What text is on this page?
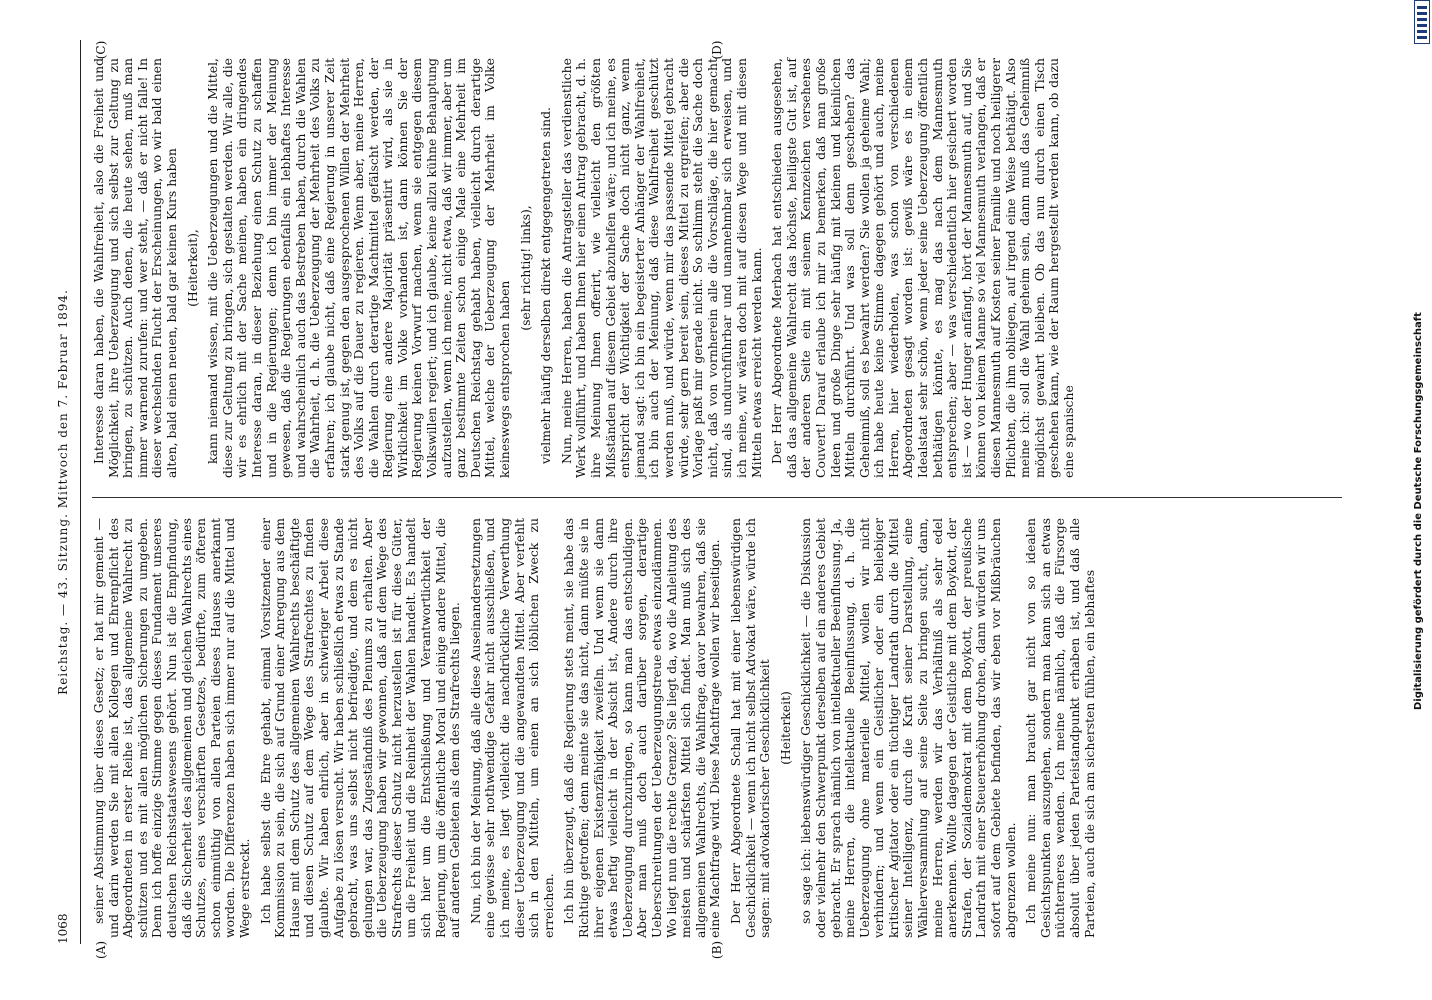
1068
Reichstag. — 43. Sitzung. Mittwoch den 7. Februar 1894.
(A)	(B)
(C)	(D)

seiner Abstimmung über dieses Gesetz; er hat mir gemeint — und darin werden Sie mit allen Kollegen und Ehrenpflicht des Abgeordneten in erster Reihe ist, das allgemeine Wahlrecht zu schützen und es mit allen möglichen Sicherungen zu umgeben. Denn ich hoffe einzige Stimme gegen dieses Fundament unseres deutschen Reichsstaatswesens gehört. Nun ist die Empfindung, daß die Sicherheit des allgemeinen und gleichen Wahlrechts eines Schutzes, eines verschärften Gesetzes, bedürfte, zum öfteren schon einmüthig von allen Parteien dieses Hauses anerkannt worden. Die Differenzen haben sich immer nur auf die Mittel und Wege erstreckt. Ich habe selbst die Ehre gehabt, einmal Vorsitzender einer Kommission zu sein, die sich auf Grund einer Anregung aus dem Hause mit dem Schutz des allgemeinen Wahlrechts beschäftigte und diesen Schutz auf dem Wege des Strafrechtes zu finden glaubte. Wir haben ehrlich, aber in schwieriger Arbeit diese Aufgabe zu lösen versucht. Wir haben schließlich etwas zu Stande gebracht, was uns selbst nicht befriedigte, und dem es nicht gelungen war, das Zugeständniß des Plenums zu erhalten. Aber die Ueberzeugung haben wir gewonnen, daß auf dem Wege des Strafrechts dieser Schutz nicht herzustellen ist für diese Güter, um die Freiheit und die Reinheit der Wahlen handelt. Es handelt sich hier um die Entschließung und Verantwortlichkeit der Regierung, um die öffentliche Moral und einige andere Mittel, die auf anderen Gebieten als dem des Strafrechts liegen. Nun, ich bin der Meinung, daß alle diese Auseinandersetzungen eine gewisse sehr nothwendige Gefahr nicht ausschließen, und ich meine, es liegt vielleicht die nachdrückliche Verwerthung dieser Ueberzeugung und die angewandten Mittel. Aber verfehlt sich in den Mitteln, um einen an sich löblichen Zweck zu erreichen. Ich bin überzeugt, daß die Regierung stets meint, sie habe das Richtige getroffen; denn meinte sie das nicht, dann müßte sie in ihrer eigenen Existenzfähigkeit zweifeln. Und wenn sie dann etwas heftig vielleicht in der Absicht ist, Andere durch ihre Ueberzeugung durchzuringen, so kann man das entschuldigen. Aber man muß doch auch darüber sorgen, derartige Ueberschreitungen der Ueberzeugungstreue etwas einzudämmen. Wo liegt nun die rechte Grenze? Sie liegt da, wo die Anleitung des meisten und schärfsten Mittel sich findet. Man muß sich des allgemeinen Wahlrechts, die Wahlfrage, davor bewahren, daß sie eine Machtfrage wird. Diese Machtfrage wollen wir beseitigen. Der Herr Abgeordnete Schall hat mit einer liebenswürdigen Geschicklichkeit — wenn ich nicht selbst Advokat wäre, würde ich sagen: mit advokatorischer Geschicklichkeit (Heiterkeit) so sage ich: liebenswürdiger Geschicklichkeit — die Diskussion oder vielmehr den Schwerpunkt derselben auf ein anderes Gebiet gebracht. Er sprach nämlich von intellektueller Beeinflussung. Ja, meine Herren, die intellektuelle Beeinflussung, d. h. die Ueberzeugung ohne materielle Mittel, wollen wir nicht verhindern; und wenn ein Geistlicher oder ein beliebiger kritischer Agitator oder ein tüchtiger Landrath durch die Mittel seiner Intelligenz, durch die Kraft seiner Darstellung, eine Wählerversammlung auf seine Seite zu bringen sucht, dann, meine Herren, werden wir das Verhältniß als sehr edel anerkennen. Wollte dagegen der Geistliche mit dem Boykott, der Strafen, der Sozialdemokrat mit dem Boykott, der preußische Landrath mit einer Steuererhöhung drohen, dann würden wir uns sofort auf dem Gebiete befinden, das wir eben vor Mißbräuchen abgrenzen wollen. Ich meine nun: man braucht gar nicht von so idealen Gesichtspunkten auszugehen, sondern man kann sich an etwas nüchterneres wenden. Ich meine nämlich, daß die Fürsorge absolut über jeden Parteistandpunkt erhaben ist, und daß alle Parteien, auch die sich am sichersten fühlen, ein lebhaftes

Interesse daran haben, die Wahlfreiheit, also die Freiheit und Möglichkeit, ihre Ueberzeugung und sich selbst zur Geltung zu bringen, zu schützen. Auch denen, die heute sehen, muß man immer warnend zurufen: und wer steht, — daß er nicht falle! In dieser wechselnden Flucht der Erscheinungen, wo wir bald einen alten, bald einen neuen, bald gar keinen Kurs haben (Heiterkeit), kann niemand wissen, mit die Ueberzeugungen und die Mittel, diese zur Geltung zu bringen, sich gestalten werden. Wir alle, die wir es ehrlich mit der Sache meinen, haben ein dringendes Interesse daran, in dieser Beziehung einen Schutz zu schaffen und in die Regierungen; denn ich bin immer der Meinung gewesen, daß die Regierungen ebenfalls ein lebhaftes Interesse und wahrscheinlich auch das Bestreben haben, durch die Wahlen die Wahrheit, d. h. die Ueberzeugung der Mehrheit des Volks zu erfahren; ich glaube nicht, daß eine Regierung in unserer Zeit stark genug ist, gegen den ausgesprochenen Willen der Mehrheit des Volks auf die Dauer zu regieren. Wenn aber, meine Herren, die Wahlen durch derartige Machtmittel gefälscht werden, der Regierung eine andere Majorität präsentirt wird, als sie in Wirklichkeit im Volke vorhanden ist, dann können Sie der Regierung keinen Vorwurf machen, wenn sie entgegen diesem Volkswillen regiert; und ich glaube, keine allzu kühne Behauptung aufzustellen, wenn ich meine, nicht etwa, daß wir immer, aber um ganz bestimmte Zeiten schon einige Male eine Mehrheit im Deutschen Reichstag gehabt haben, vielleicht durch derartige Mittel, welche der Ueberzeugung der Mehrheit im Volke keineswegs entsprochen haben

(sehr richtig! links), vielmehr häufig derselben direkt entgegengetreten sind. Nun, meine Herren, haben die Antragsteller das verdienstliche Werk vollführt, und haben Ihnen hier einen Antrag gebracht, d. h. ihre Meinung Ihnen offerirt, wie vielleicht den größten Mißständen auf diesem Gebiet abzuhelfen wäre; und ich meine, es entspricht der Wichtigkeit der Sache doch nicht ganz, wenn jemand sagt: ich bin ein begeisterter Anhänger der Wahlfreiheit, ich bin auch der Meinung, daß diese Wahlfreiheit geschützt werden muß, und würde, wenn mir das passende Mittel gebracht würde, sehr gern bereit sein, dieses Mittel zu ergreifen; aber die Vorlage paßt mir gerade nicht. So schlimm steht die Sache doch nicht, daß von vornherein alle die Vorschläge, die hier gemacht sind, als undurchführbar und unannehmbar sich erweisen, und ich meine, wir wären doch mit auf diesen Wege und mit diesen Mitteln etwas erreicht werden kann. Der Herr Abgeordnete Merbach hat entschieden ausgesehen, daß das allgemeine Wahlrecht das höchste, heiligste Gut ist, auf der anderen Seite ein mit seinem Kennzeichen versehenes Couvert! Darauf erlaube ich mir zu bemerken, daß man große Ideen und große Dinge sehr häufig mit kleinen und kleinlichen Mitteln durchführt. Und was soll denn geschehen? das Geheimniß, soll es bewahrt werden? Sie wollen ja geheime Wahl; ich habe heute keine Stimme dagegen gehört und auch, meine Herren, hier wiederholen, was schon von verschiedenen Abgeordneten gesagt worden ist: gewiß wäre es in einem Idealstaat sehr schön, wenn jeder seine Ueberzeugung öffentlich bethätigen könnte, es mag das nach dem Mannesmuth entsprechen; aber — was verschiedentlich hier gesichert worden ist — wo der Hunger anfängt, hört der Mannesmuth auf, und Sie können von keinem Manne so viel Mannesmuth verlangen, daß er diesen Mannesmuth auf Kosten seiner Familie und noch heiligerer Pflichten, die ihm obliegen, auf irgend eine Weise bethätigt. Also meine ich: soll die Wahl geheim sein, dann muß das Geheimniß möglichst gewahrt bleiben. Ob das nun durch einen Tisch geschehen kann, wie der Raum hergestellt werden kann, ob dazu eine spanische	Digitalisierung gefördert durch die Deutsche Forschungsgemeinschaft
